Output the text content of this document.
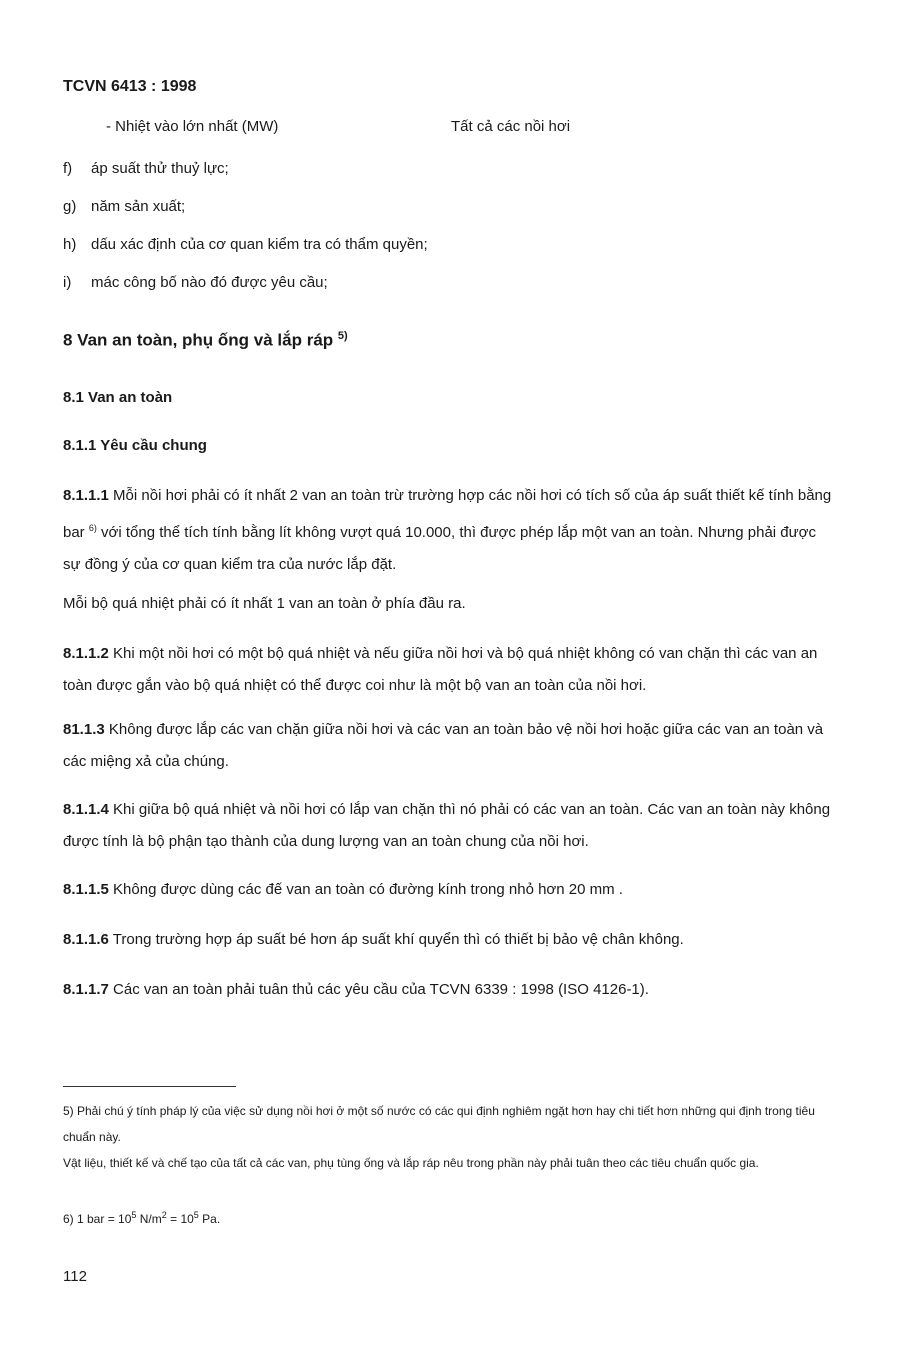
TCVN 6413 : 1998
- Nhiệt vào lớn nhất (MW)	Tất cả các nồi hơi
f) áp suất thử thuỷ lực;
g) năm sản xuất;
h) dấu xác định của cơ quan kiểm tra có thẩm quyền;
i) mác công bố nào đó được yêu cầu;
8 Van an toàn, phụ ống và lắp ráp $^{5)}$
8.1 Van an toàn
8.1.1 Yêu cầu chung
8.1.1.1 Mỗi nồi hơi phải có ít nhất 2 van an toàn trừ trường hợp các nồi hơi có tích số của áp suất thiết kế tính bằng bar $^{6)}$ với tổng thể tích tính bằng lít không vượt quá 10.000, thì được phép lắp một van an toàn. Nhưng phải được sự đồng ý của cơ quan kiểm tra của nước lắp đặt.
Mỗi bộ quá nhiệt phải có ít nhất 1 van an toàn ở phía đầu ra.
8.1.1.2 Khi một nồi hơi có một bộ quá nhiệt và nếu giữa nồi hơi và bộ quá nhiệt không có van chặn thì các van an toàn được gắn vào bộ quá nhiệt có thể được coi như là một bộ van an toàn của nồi hơi.
81.1.3 Không được lắp các van chặn giữa nồi hơi và các van an toàn bảo vệ nồi hơi hoặc giữa các van an toàn và các miệng xả của chúng.
8.1.1.4 Khi giữa bộ quá nhiệt và nồi hơi có lắp van chặn thì nó phải có các van an toàn. Các van an toàn này không được tính là bộ phận tạo thành của dung lượng van an toàn chung của nồi hơi.
8.1.1.5 Không được dùng các đế van an toàn có đường kính trong nhỏ hơn 20 mm .
8.1.1.6 Trong trường hợp áp suất bé hơn áp suất khí quyển thì có thiết bị bảo vệ chân không.
8.1.1.7 Các van an toàn phải tuân thủ các yêu cầu của TCVN 6339 : 1998 (ISO 4126-1).
5) Phải chú ý tính pháp lý của việc sử dụng nồi hơi ở một số nước có các qui định nghiêm ngặt hơn hay chi tiết hơn những qui định trong tiêu chuẩn này.
Vật liệu, thiết kế và chế tạo của tất cả các van, phụ tùng ống và lắp ráp nêu trong phần này phải tuân theo các tiêu chuẩn quốc gia.
6) 1 bar = $10^5$ $N/m^2 = 10^5$ Pa.
112
